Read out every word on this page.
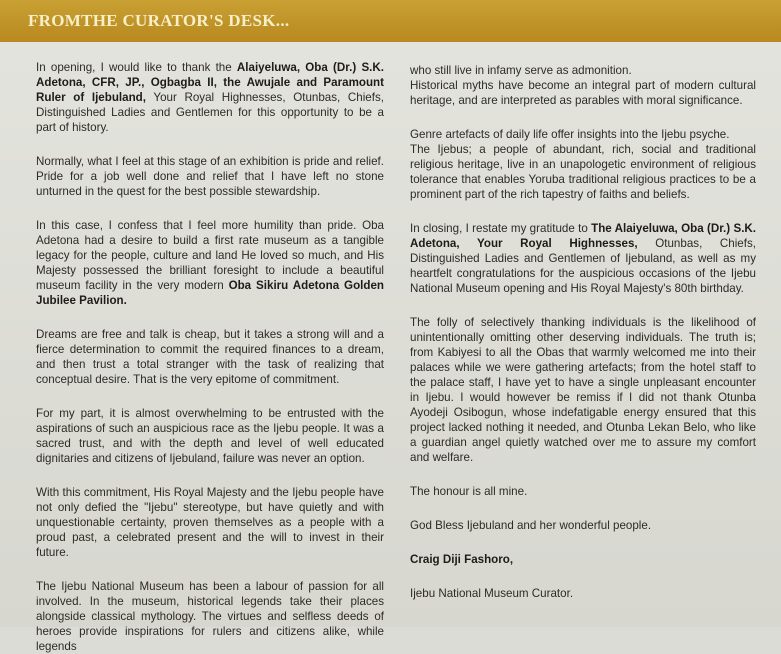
FROMTHE CURATOR'S DESK...

In opening, I would like to thank the Alaiyeluwa, Oba (Dr.) S.K. Adetona, CFR, JP., Ogbagba II, the Awujale and Paramount Ruler of Ijebuland, Your Royal Highnesses, Otunbas, Chiefs, Distinguished Ladies and Gentlemen for this opportunity to be a part of history.

Normally, what I feel at this stage of an exhibition is pride and relief. Pride for a job well done and relief that I have left no stone unturned in the quest for the best possible stewardship.

In this case, I confess that I feel more humility than pride. Oba Adetona had a desire to build a first rate museum as a tangible legacy for the people, culture and land He loved so much, and His Majesty possessed the brilliant foresight to include a beautiful museum facility in the very modern Oba Sikiru Adetona Golden Jubilee Pavilion.

Dreams are free and talk is cheap, but it takes a strong will and a fierce determination to commit the required finances to a dream, and then trust a total stranger with the task of realizing that conceptual desire. That is the very epitome of commitment.

For my part, it is almost overwhelming to be entrusted with the aspirations of such an auspicious race as the Ijebu people. It was a sacred trust, and with the depth and level of well educated dignitaries and citizens of Ijebuland, failure was never an option.

With this commitment, His Royal Majesty and the Ijebu people have not only defied the "Ijebu" stereotype, but have quietly and with unquestionable certainty, proven themselves as a people with a proud past, a celebrated present and the will to invest in their future.

The Ijebu National Museum has been a labour of passion for all involved. In the museum, historical legends take their places alongside classical mythology. The virtues and selfless deeds of heroes provide inspirations for rulers and citizens alike, while legends

who still live in infamy serve as admonition.

Historical myths have become an integral part of modern cultural heritage, and are interpreted as parables with moral significance.

Genre artefacts of daily life offer insights into the Ijebu psyche.

The Ijebus; a people of abundant, rich, social and traditional religious heritage, live in an unapologetic environment of religious tolerance that enables Yoruba traditional religious practices to be a prominent part of the rich tapestry of faiths and beliefs.

In closing, I restate my gratitude to The Alaiyeluwa, Oba (Dr.) S.K. Adetona, Your Royal Highnesses, Otunbas, Chiefs, Distinguished Ladies and Gentlemen of Ijebuland, as well as my heartfelt congratulations for the auspicious occasions of the Ijebu National Museum opening and His Royal Majesty's 80th birthday.

The folly of selectively thanking individuals is the likelihood of unintentionally omitting other deserving individuals. The truth is; from Kabiyesi to all the Obas that warmly welcomed me into their palaces while we were gathering artefacts; from the hotel staff to the palace staff, I have yet to have a single unpleasant encounter in Ijebu. I would however be remiss if I did not thank Otunba Ayodeji Osibogun, whose indefatigable energy ensured that this project lacked nothing it needed, and Otunba Lekan Belo, who like a guardian angel quietly watched over me to assure my comfort and welfare.

The honour is all mine.

God Bless Ijebuland and her wonderful people.

Craig Diji Fashoro,

Ijebu National Museum Curator.
